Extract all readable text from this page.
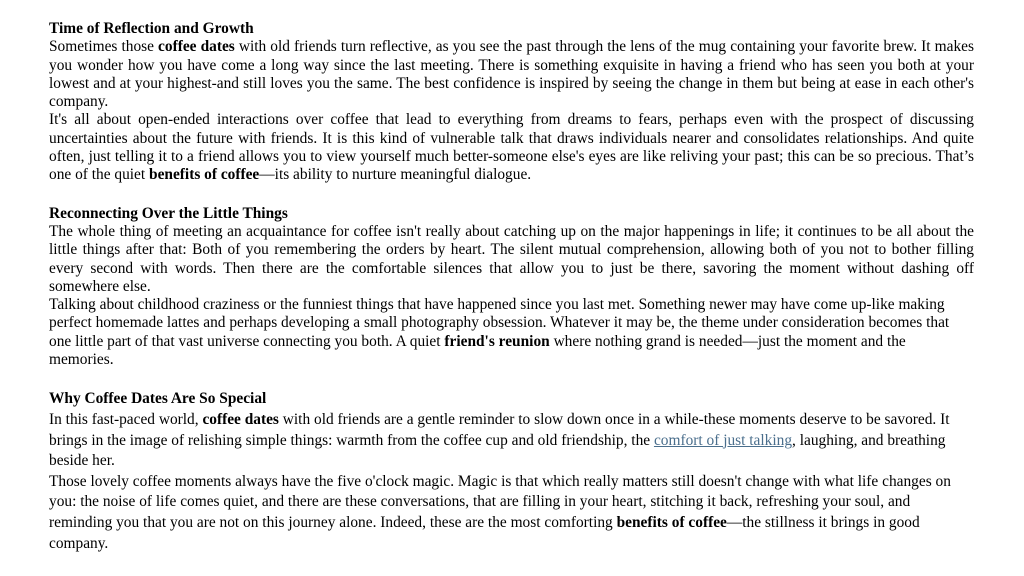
Time of Reflection and Growth

Sometimes those coffee dates with old friends turn reflective, as you see the past through the lens of the mug containing your favorite brew. It makes you wonder how you have come a long way since the last meeting. There is something exquisite in having a friend who has seen you both at your lowest and at your highest-and still loves you the same. The best confidence is inspired by seeing the change in them but being at ease in each other's company.

It's all about open-ended interactions over coffee that lead to everything from dreams to fears, perhaps even with the prospect of discussing uncertainties about the future with friends. It is this kind of vulnerable talk that draws individuals nearer and consolidates relationships. And quite often, just telling it to a friend allows you to view yourself much better-someone else's eyes are like reliving your past; this can be so precious. That’s one of the quiet benefits of coffee—its ability to nurture meaningful dialogue.

Reconnecting Over the Little Things

The whole thing of meeting an acquaintance for coffee isn't really about catching up on the major happenings in life; it continues to be all about the little things after that: Both of you remembering the orders by heart. The silent mutual comprehension, allowing both of you not to bother filling every second with words. Then there are the comfortable silences that allow you to just be there, savoring the moment without dashing off somewhere else.

Talking about childhood craziness or the funniest things that have happened since you last met. Something newer may have come up-like making perfect homemade lattes and perhaps developing a small photography obsession. Whatever it may be, the theme under consideration becomes that one little part of that vast universe connecting you both. A quiet friend's reunion where nothing grand is needed—just the moment and the memories.

Why Coffee Dates Are So Special

In this fast-paced world, coffee dates with old friends are a gentle reminder to slow down once in a while-these moments deserve to be savored. It brings in the image of relishing simple things: warmth from the coffee cup and old friendship, the comfort of just talking, laughing, and breathing beside her.

Those lovely coffee moments always have the five o'clock magic. Magic is that which really matters still doesn't change with what life changes on you: the noise of life comes quiet, and there are these conversations, that are filling in your heart, stitching it back, refreshing your soul, and reminding you that you are not on this journey alone. Indeed, these are the most comforting benefits of coffee—the stillness it brings in good company.
